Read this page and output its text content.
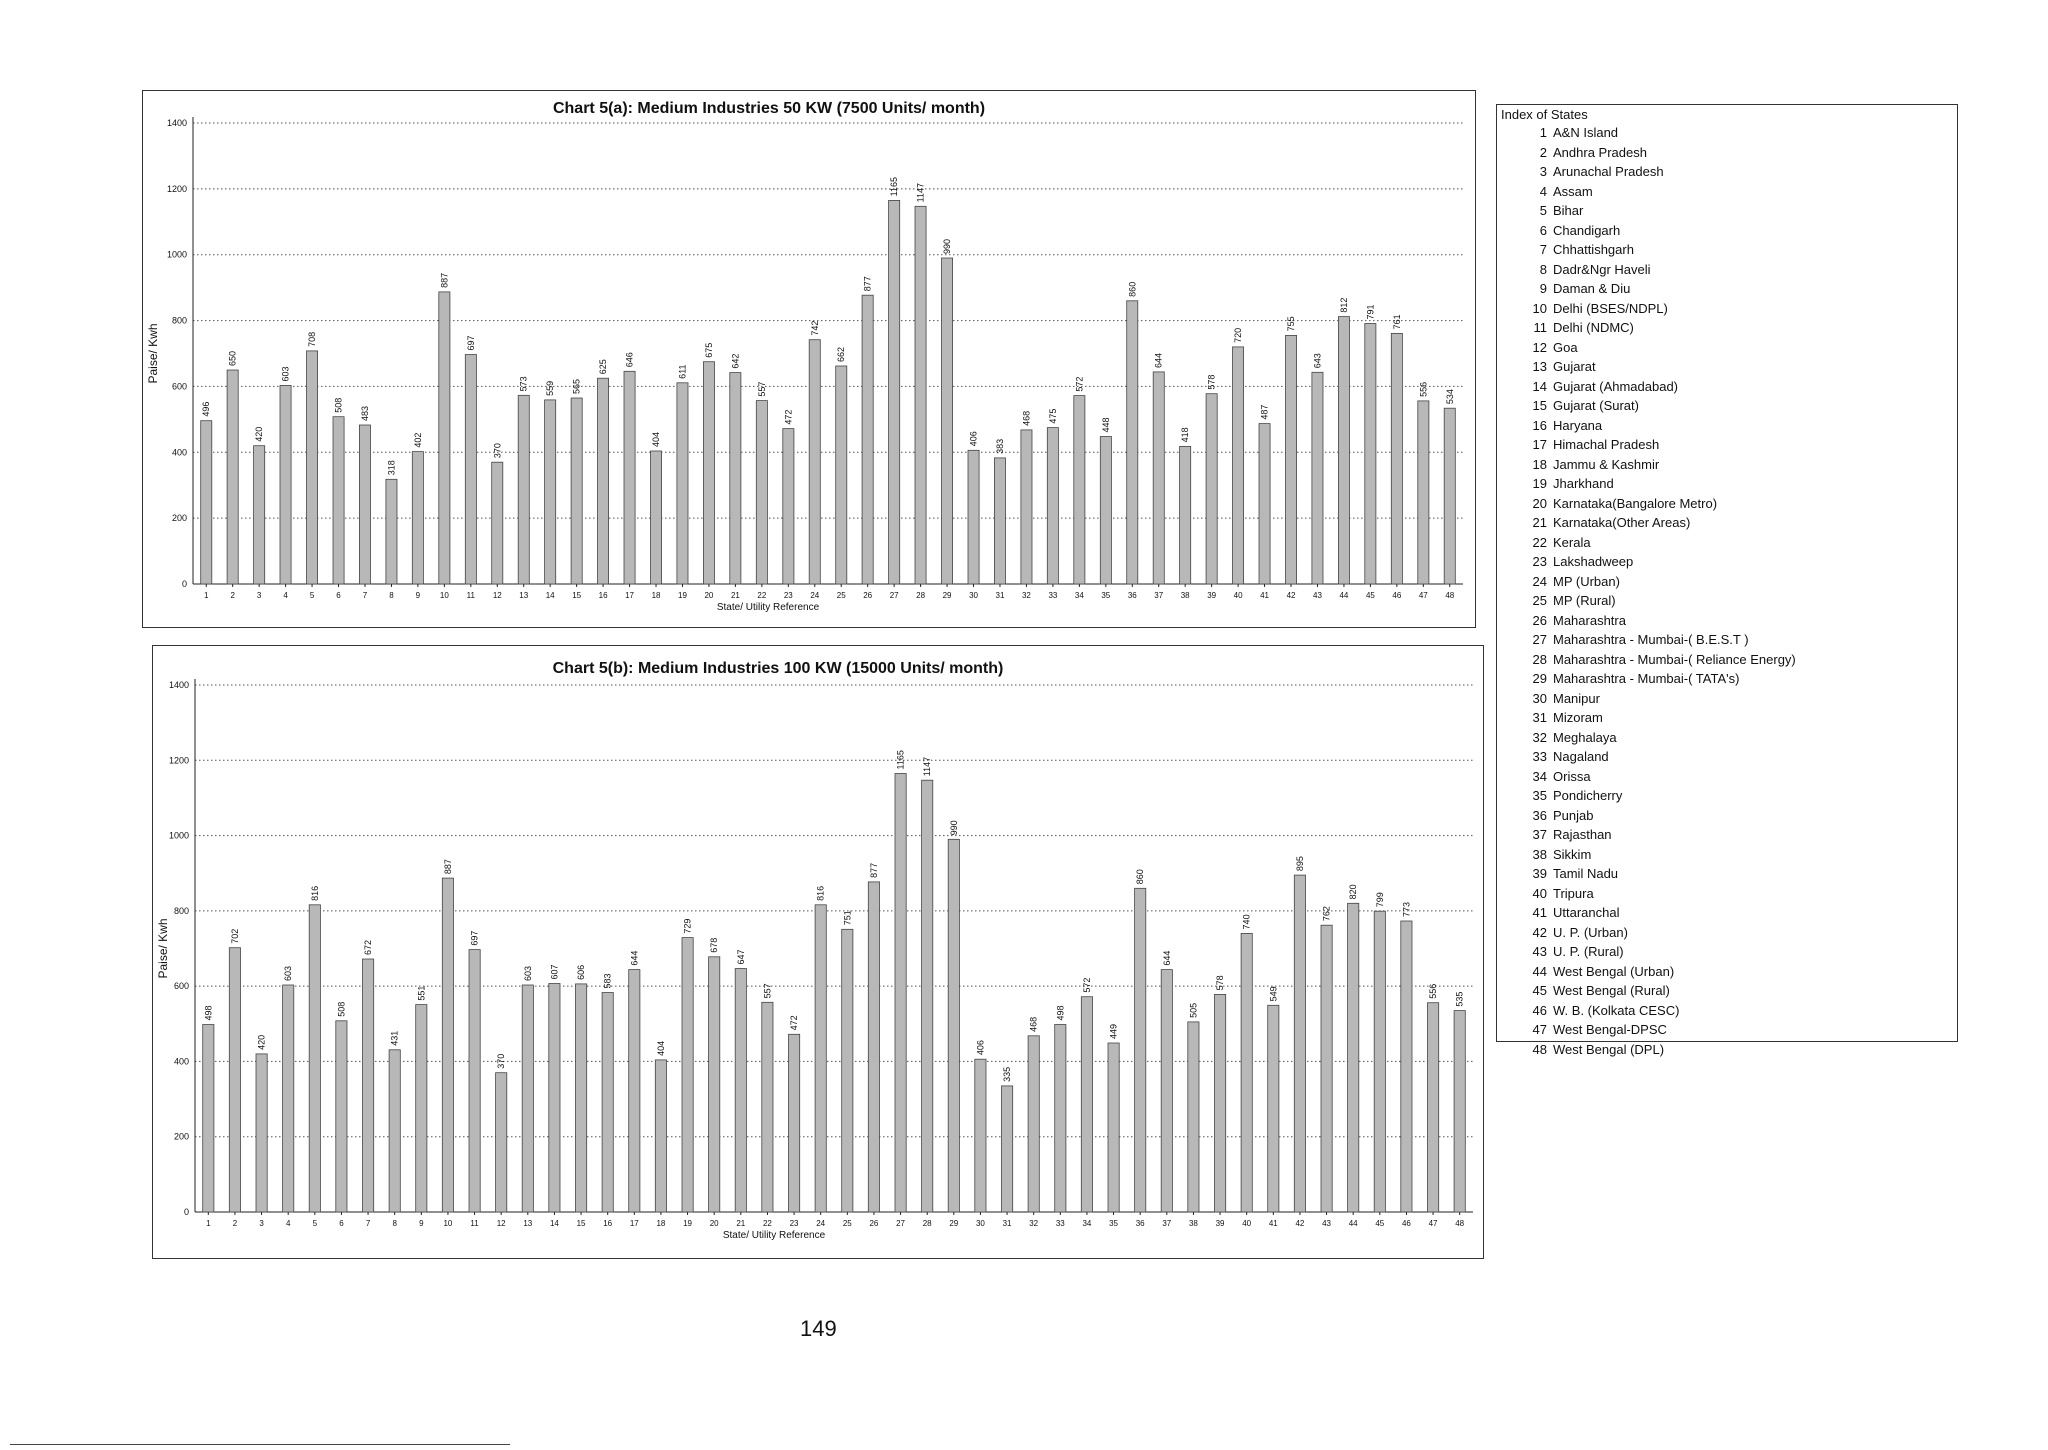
Chart 5(a): Medium Industries 50 KW (7500 Units/ month)
0
200
400
600
800
1000
1200
1400
Paise/ Kwh
496
1
650
2
420
3
603
4
708
5
508
6
483
7
318
8
402
9
887
10
697
11
370
12
573
13
559
14
565
15
625
16
646
17
404
18
611
19
675
20
642
21
557
22
472
23
742
24
662
25
877
26
1165
27
1147
28
990
29
406
30
383
31
468
32
475
33
572
34
448
35
860
36
644
37
418
38
578
39
720
40
487
41
755
42
643
43
812
44
791
45
761
46
556
47
534
48
State/ Utility Reference
Chart 5(b): Medium Industries 100 KW (15000 Units/ month)
0
200
400
600
800
1000
1200
1400
Paise/ Kwh
498
1
702
2
420
3
603
4
816
5
508
6
672
7
431
8
551
9
887
10
697
11
370
12
603
13
607
14
606
15
583
16
644
17
404
18
729
19
678
20
647
21
557
22
472
23
816
24
751
25
877
26
1165
27
1147
28
990
29
406
30
335
31
468
32
498
33
572
34
449
35
860
36
644
37
505
38
578
39
740
40
549
41
895
42
762
43
820
44
799
45
773
46
556
47
535
48
State/ Utility Reference
Index of States
1 A&N Island
2 Andhra Pradesh
3 Arunachal Pradesh
4 Assam
5 Bihar
6 Chandigarh
7 Chhattishgarh
8 Dadr&Ngr Haveli
9 Daman & Diu
10 Delhi (BSES/NDPL)
11 Delhi (NDMC)
12 Goa
13 Gujarat
14 Gujarat (Ahmadabad)
15 Gujarat (Surat)
16 Haryana
17 Himachal Pradesh
18 Jammu & Kashmir
19 Jharkhand
20 Karnataka(Bangalore Metro)
21 Karnataka(Other Areas)
22 Kerala
23 Lakshadweep
24 MP (Urban)
25 MP (Rural)
26 Maharashtra
27 Maharashtra - Mumbai-( B.E.S.T )
28 Maharashtra - Mumbai-( Reliance Energy)
29 Maharashtra - Mumbai-( TATA's)
30 Manipur
31 Mizoram
32 Meghalaya
33 Nagaland
34 Orissa
35 Pondicherry
36 Punjab
37 Rajasthan
38 Sikkim
39 Tamil Nadu
40 Tripura
41 Uttaranchal
42 U. P. (Urban)
43 U. P. (Rural)
44 West Bengal (Urban)
45 West Bengal (Rural)
46 W. B. (Kolkata CESC)
47 West Bengal-DPSC
48 West Bengal (DPL)
149
